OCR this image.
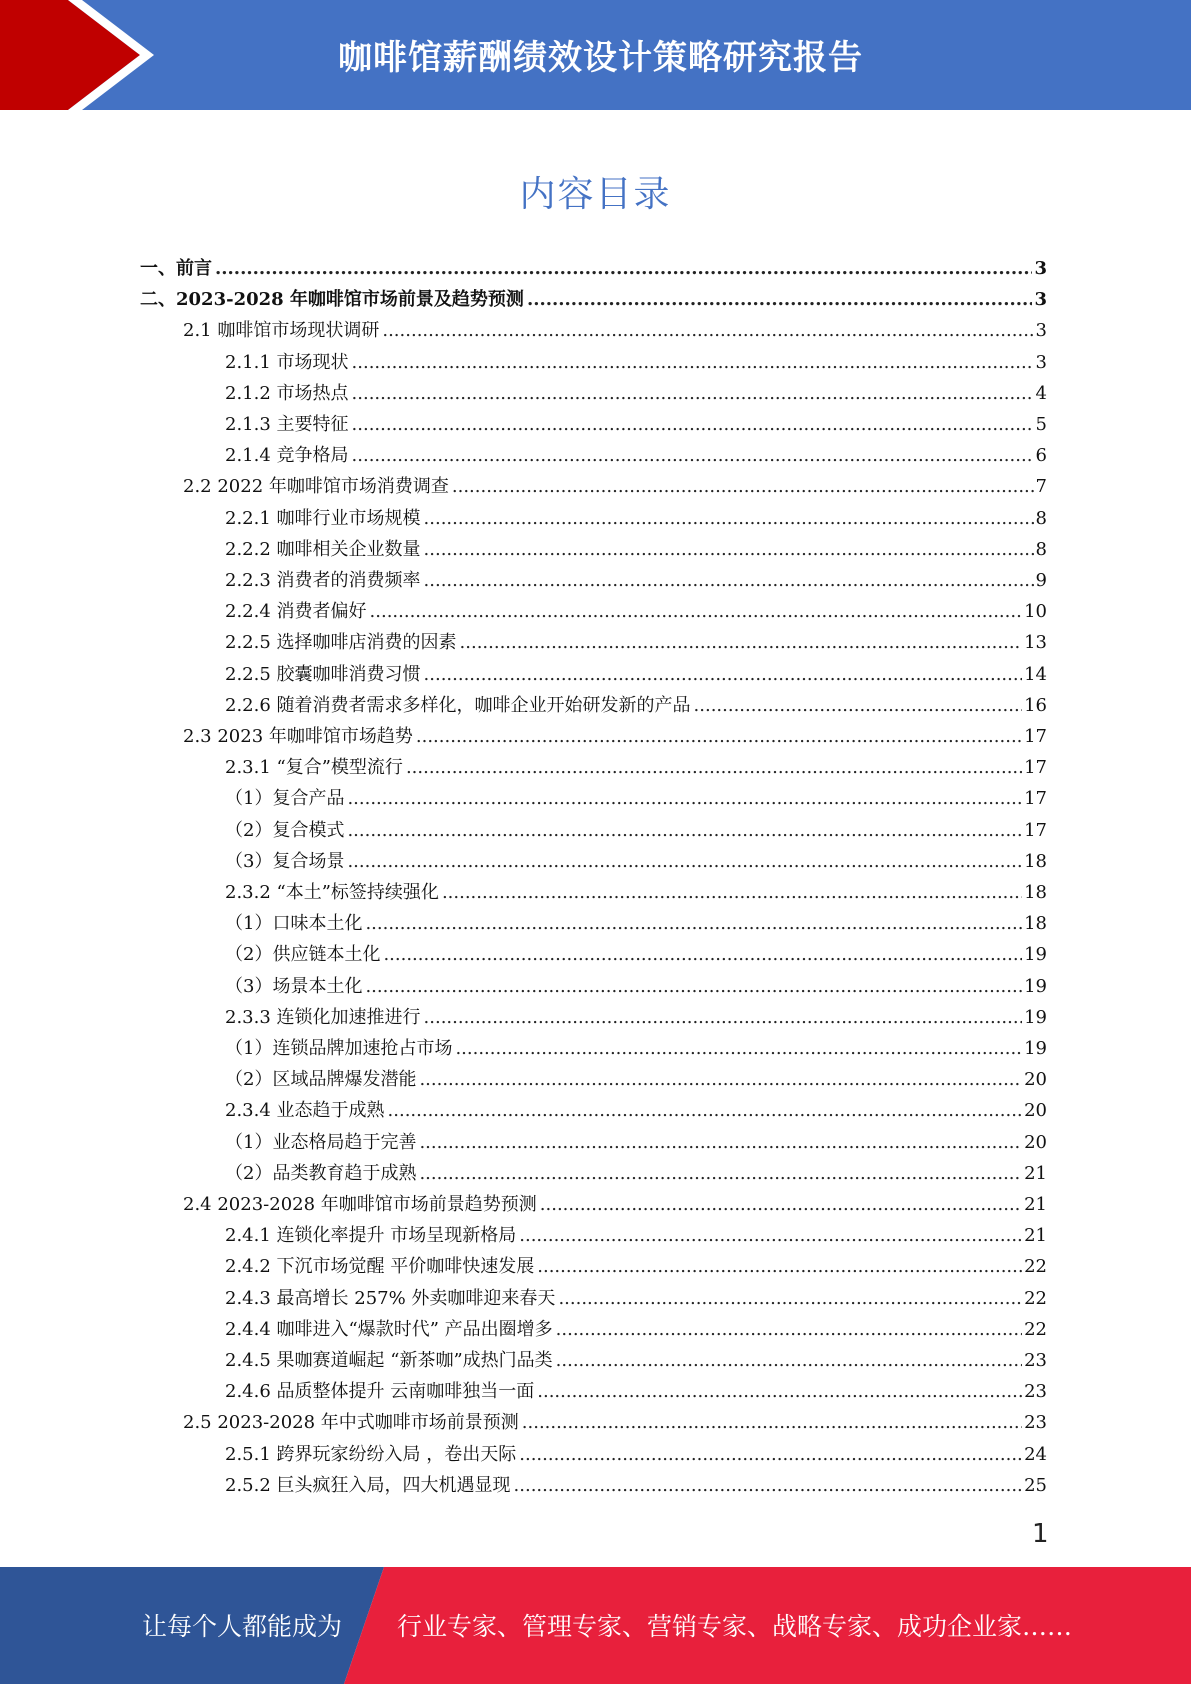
咖啡馆薪酬绩效设计策略研究报告
内容目录
一、前言 .....	3
二、2023-2028 年咖啡馆市场前景及趋势预测 .....	3
2.1 咖啡馆市场现状调研 .....	3
2.1.1 市场现状 .....	3
2.1.2 市场热点 .....	4
2.1.3 主要特征 .....	5
2.1.4 竞争格局 .....	6
2.2 2022 年咖啡馆市场消费调查 .....	7
2.2.1 咖啡行业市场规模 .....	8
2.2.2 咖啡相关企业数量 .....	8
2.2.3 消费者的消费频率 .....	9
2.2.4 消费者偏好 .....	10
2.2.5 选择咖啡店消费的因素 .....	13
2.2.5 胶囊咖啡消费习惯 .....	14
2.2.6 随着消费者需求多样化，咖啡企业开始研发新的产品 .....	16
2.3 2023 年咖啡馆市场趋势 .....	17
2.3.1 “复合”模型流行 .....	17
（1）复合产品 .....	17
（2）复合模式 .....	17
（3）复合场景 .....	18
2.3.2 “本土”标签持续强化 .....	18
（1）口味本土化 .....	18
（2）供应链本土化 .....	19
（3）场景本土化 .....	19
2.3.3 连锁化加速推进行 .....	19
（1）连锁品牌加速抢占市场 .....	19
（2）区域品牌爆发潜能 .....	20
2.3.4 业态趋于成熟 .....	20
（1）业态格局趋于完善 .....	20
（2）品类教育趋于成熟 .....	21
2.4 2023-2028 年咖啡馆市场前景趋势预测 .....	21
2.4.1 连锁化率提升 市场呈现新格局 .....	21
2.4.2 下沉市场觉醒 平价咖啡快速发展 .....	22
2.4.3 最高增长 257% 外卖咖啡迎来春天 .....	22
2.4.4 咖啡进入“爆款时代” 产品出圈增多 .....	22
2.4.5 果咖赛道崛起 “新茶咖”成热门品类 .....	23
2.4.6 品质整体提升 云南咖啡独当一面 .....	23
2.5 2023-2028 年中式咖啡市场前景预测 .....	23
2.5.1 跨界玩家纷纷入局 ，卷出天际 .....	24
2.5.2 巨头疯狂入局，四大机遇显现 .....	25
1
让每个人都能成为 行业专家、管理专家、营销专家、战略专家、成功企业家……
